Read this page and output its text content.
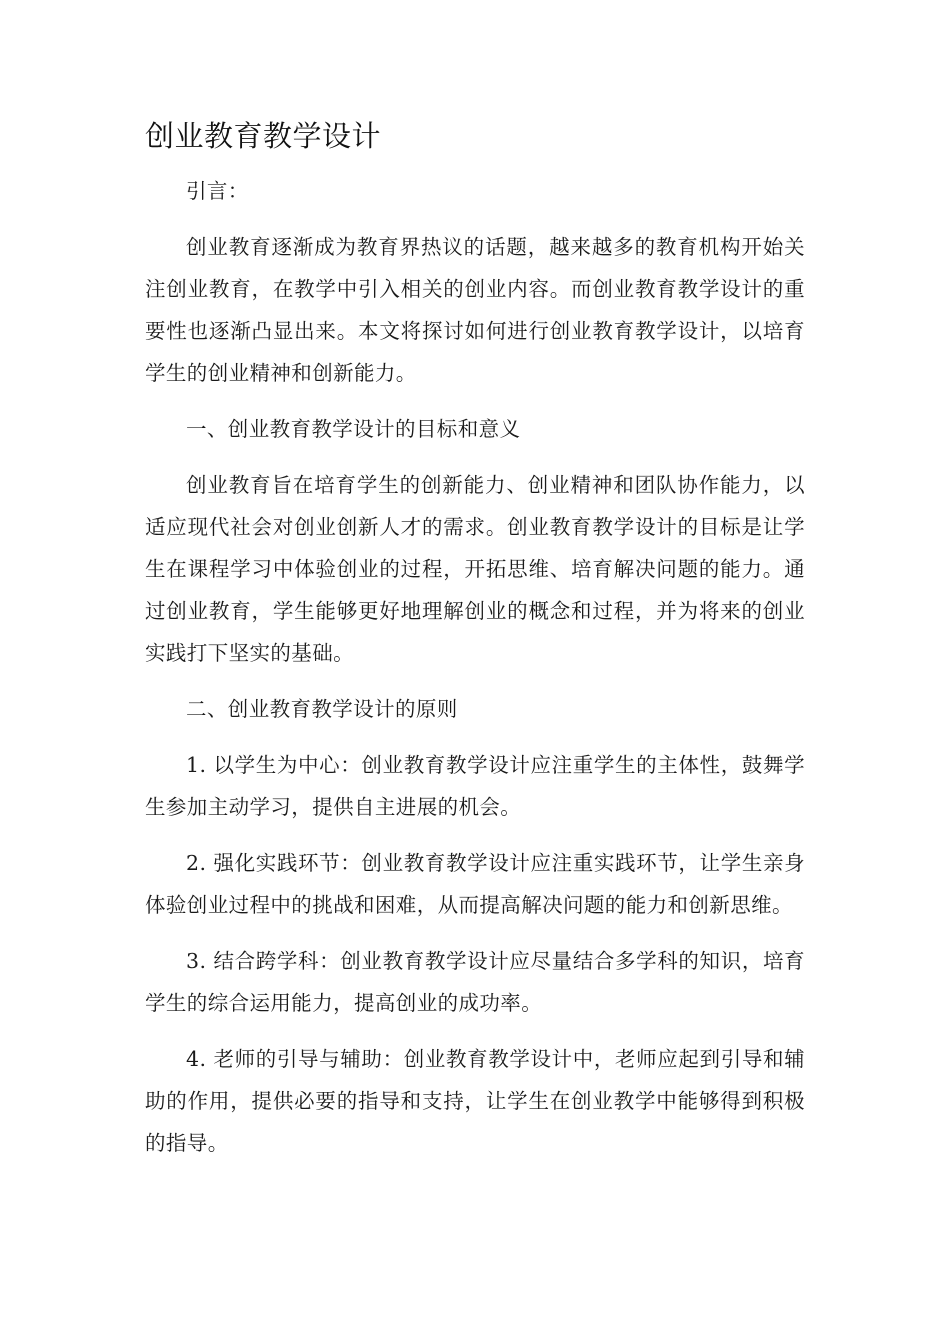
创业教育教学设计

引言：

创业教育逐渐成为教育界热议的话题，越来越多的教育机构开始关注创业教育，在教学中引入相关的创业内容。而创业教育教学设计的重要性也逐渐凸显出来。本文将探讨如何进行创业教育教学设计，以培育学生的创业精神和创新能力。

一、创业教育教学设计的目标和意义

创业教育旨在培育学生的创新能力、创业精神和团队协作能力，以适应现代社会对创业创新人才的需求。创业教育教学设计的目标是让学生在课程学习中体验创业的过程，开拓思维、培育解决问题的能力。通过创业教育，学生能够更好地理解创业的概念和过程，并为将来的创业实践打下坚实的基础。

二、创业教育教学设计的原则

1. 以学生为中心：创业教育教学设计应注重学生的主体性，鼓舞学生参加主动学习，提供自主进展的机会。

2. 强化实践环节：创业教育教学设计应注重实践环节，让学生亲身体验创业过程中的挑战和困难，从而提高解决问题的能力和创新思维。

3. 结合跨学科：创业教育教学设计应尽量结合多学科的知识，培育学生的综合运用能力，提高创业的成功率。

4. 老师的引导与辅助：创业教育教学设计中，老师应起到引导和辅助的作用，提供必要的指导和支持，让学生在创业教学中能够得到积极的指导。
